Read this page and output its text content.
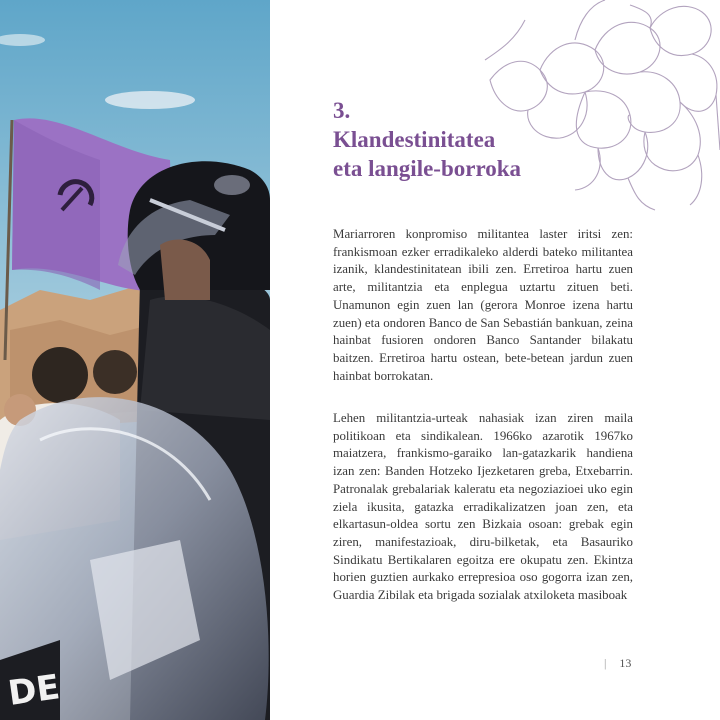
DE
3.
Klandestinitatea
eta langile-borroka

Mariarroren konpromiso militantea laster iritsi zen: frankismoan ezker erradikaleko alderdi bateko militantea izanik, klandestinitatean ibili zen. Erretiroa hartu zuen arte, militantzia eta enplegua uztartu zituen beti. Unamunon egin zuen lan (gerora Monroe izena hartu zuen) eta ondoren Banco de San Sebastián bankuan, zeina hainbat fusioren ondoren Banco Santander bilakatu baitzen. Erretiroa hartu ostean, bete-betean jardun zuen hainbat borrokatan.

Lehen militantzia-urteak nahasiak izan ziren maila politikoan eta sindikalean. 1966ko azarotik 1967ko maiatzera, frankismo-garaiko lan-gatazkarik handiena izan zen: Banden Hotzeko Ijezketaren greba, Etxebarrin. Patronalak grebalariak kaleratu eta negoziazioei uko egin ziela ikusita, gatazka erradikalizatzen joan zen, eta elkartasun-oldea sortu zen Bizkaia osoan: grebak egin ziren, manifestazioak, diru-bilketak, eta Basauriko Sindikatu Bertikalaren egoitza ere okupatu zen. Ekintza horien guztien aurkako errepresioa oso gogorra izan zen, Guardia Zibilak eta brigada sozialak atxiloketa masiboak

| 13
